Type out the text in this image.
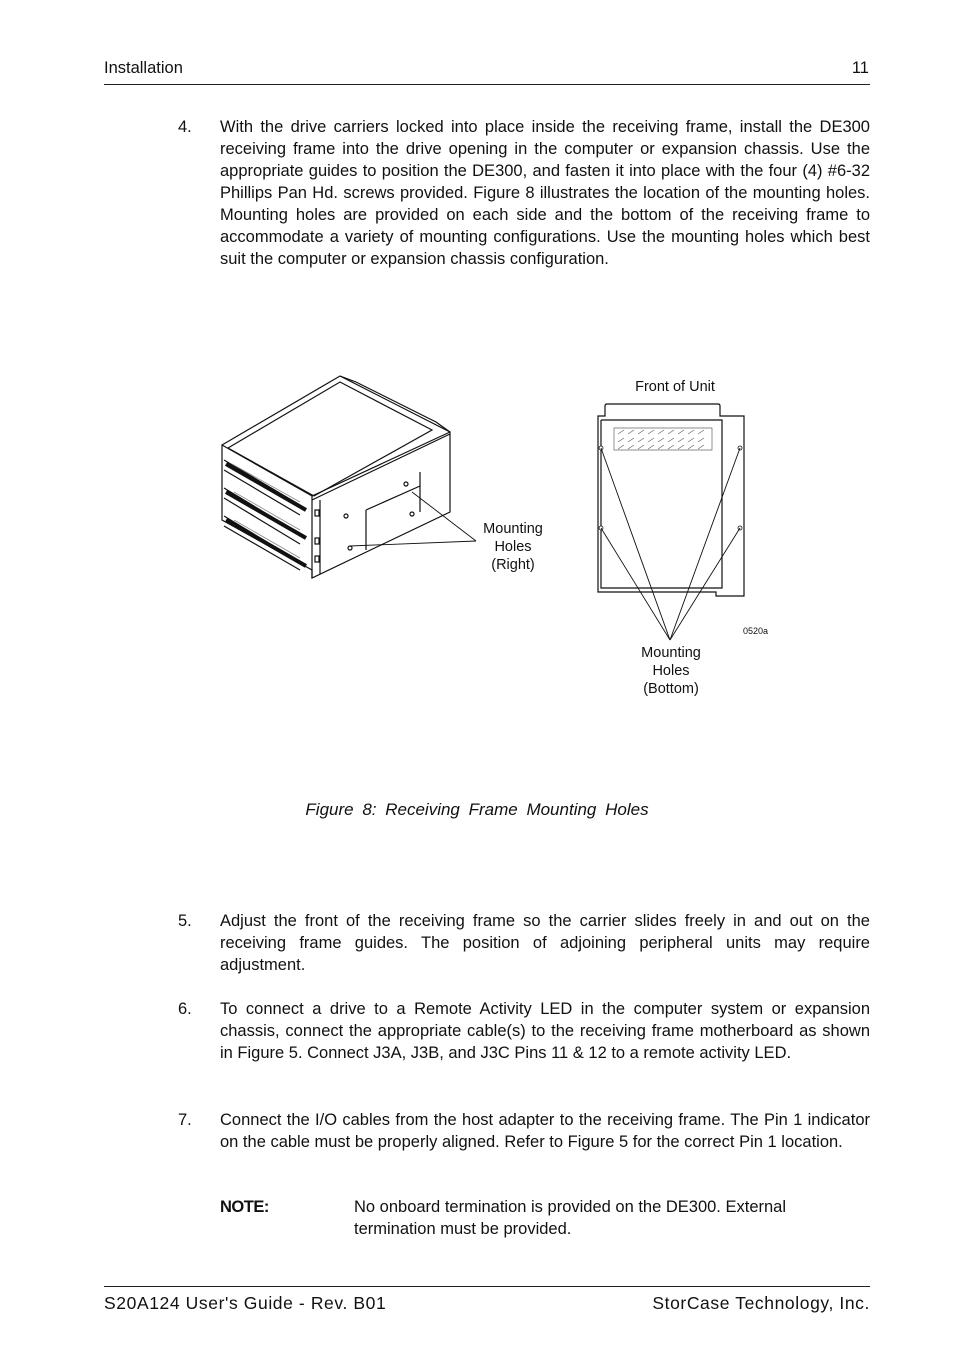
Installation	11
4. With the drive carriers locked into place inside the receiving frame, install the DE300 receiving frame into the drive opening in the computer or expansion chassis. Use the appropriate guides to position the DE300, and fasten it into place with the four (4) #6-32 Phillips Pan Hd. screws provided. Figure 8 illustrates the location of the mounting holes. Mounting holes are provided on each side and the bottom of the receiving frame to accommodate a variety of mounting configurations. Use the mounting holes which best suit the computer or expansion chassis configuration.
Front of Unit
Mounting
Holes
(Right)
Mounting
Holes
(Bottom)
0520a
Figure 8: Receiving Frame Mounting Holes
5. Adjust the front of the receiving frame so the carrier slides freely in and out on the receiving frame guides. The position of adjoining peripheral units may require adjustment.
6. To connect a drive to a Remote Activity LED in the computer system or expansion chassis, connect the appropriate cable(s) to the receiving frame motherboard as shown in Figure 5. Connect J3A, J3B, and J3C Pins 11 & 12 to a remote activity LED.
7. Connect the I/O cables from the host adapter to the receiving frame. The Pin 1 indicator on the cable must be properly aligned. Refer to Figure 5 for the correct Pin 1 location.
NOTE:	No onboard termination is provided on the DE300. External termination must be provided.
S20A124 User's Guide - Rev. B01	StorCase Technology, Inc.
